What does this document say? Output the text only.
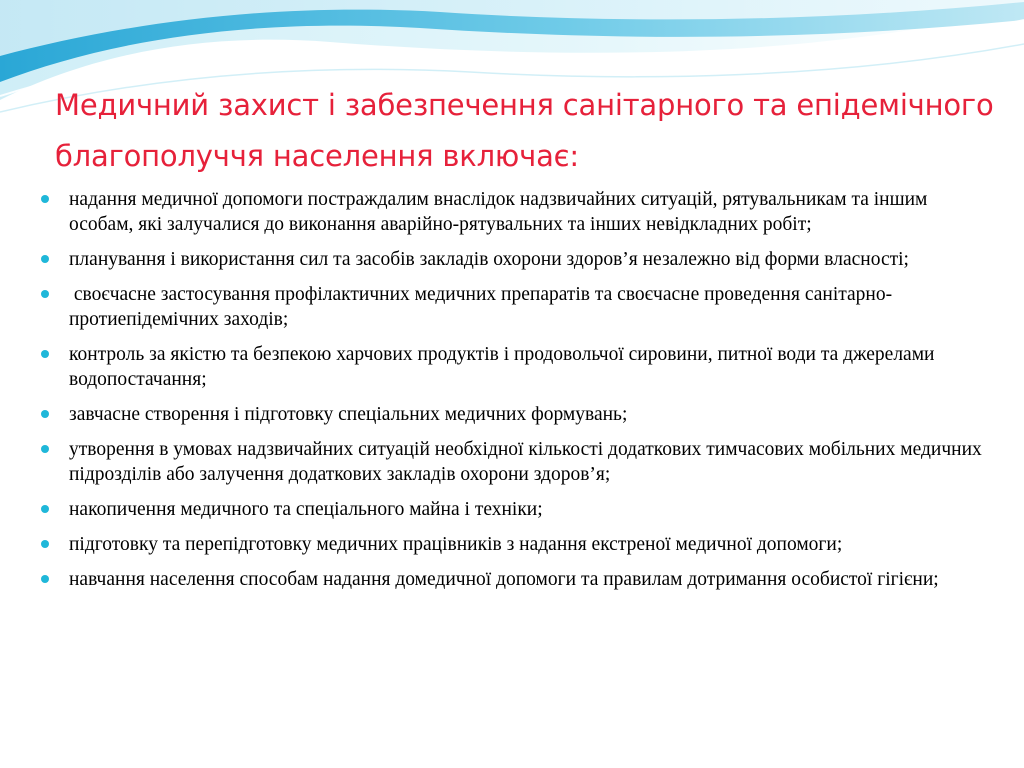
Медичний захист і забезпечення санітарного та епідемічного благополуччя населення включає:
надання медичної допомоги постраждалим внаслідок надзвичайних ситуацій, рятувальникам та іншим особам, які залучалися до виконання аварійно-рятувальних та інших невідкладних робіт;
планування і використання сил та засобів закладів охорони здоров’я незалежно від форми власності;
своєчасне застосування профілактичних медичних препаратів та своєчасне проведення санітарно-протиепідемічних заходів;
контроль за якістю та безпекою харчових продуктів і продовольчої сировини, питної води та джерелами водопостачання;
завчасне створення і підготовку спеціальних медичних формувань;
утворення в умовах надзвичайних ситуацій необхідної кількості додаткових тимчасових мобільних медичних підрозділів або залучення додаткових закладів охорони здоров’я;
накопичення медичного та спеціального майна і техніки;
підготовку та перепідготовку медичних працівників з надання екстреної медичної допомоги;
навчання населення способам надання домедичної допомоги та правилам дотримання особистої гігієни;
